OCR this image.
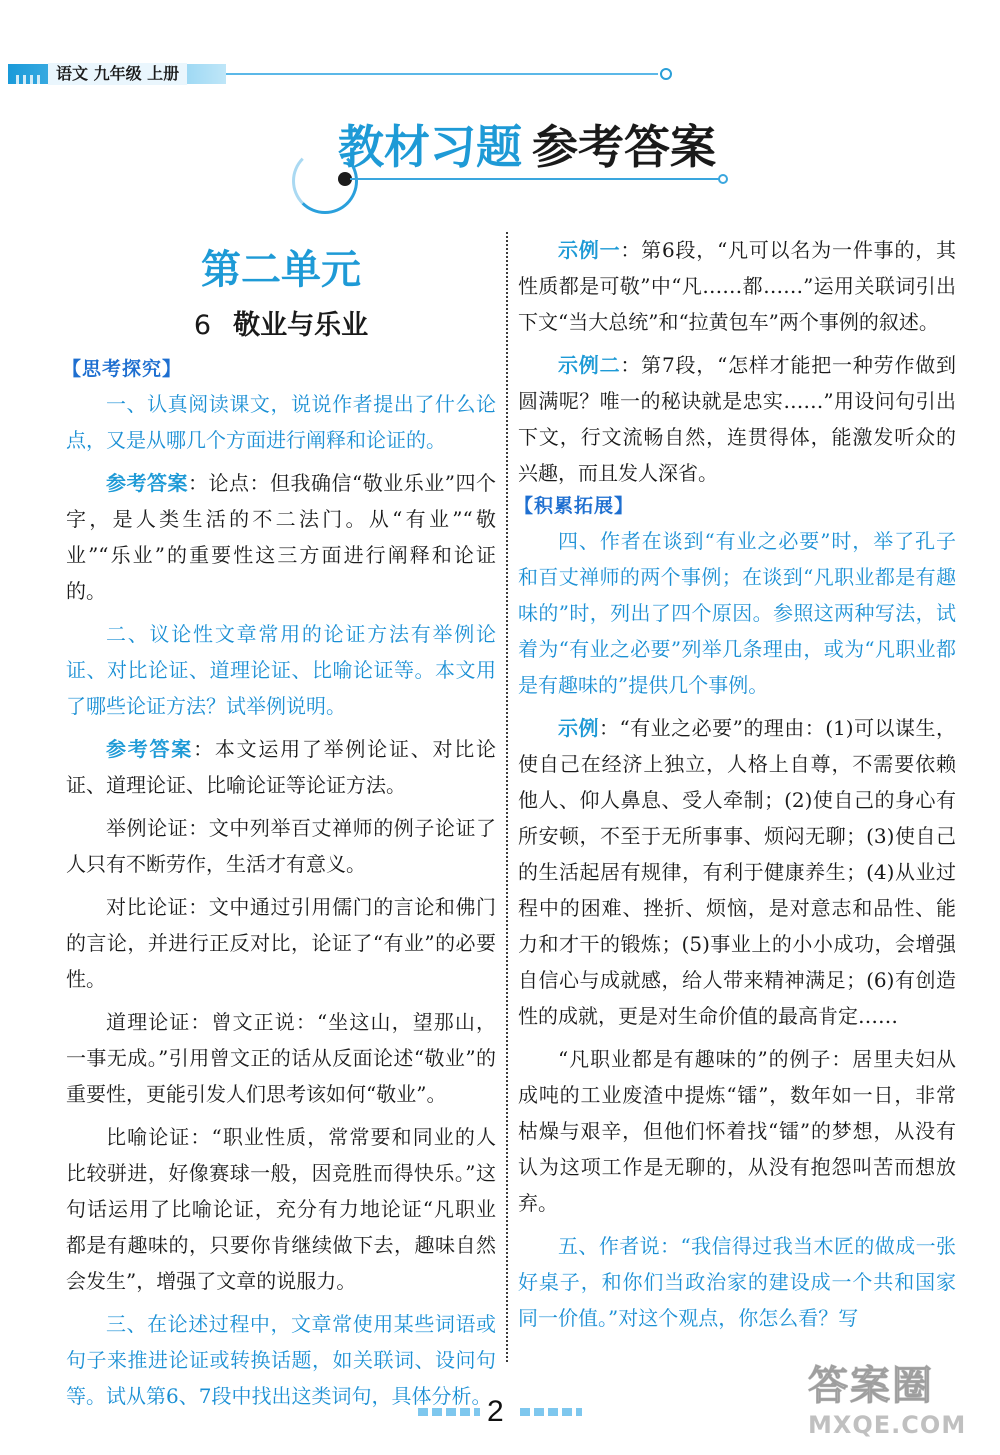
语文 九年级 上册
教材习题 参考答案
第二单元
6 敬业与乐业
【思考探究】

一、认真阅读课文，说说作者提出了什么论点，又是从哪几个方面进行阐释和论证的。

参考答案：论点：但我确信“敬业乐业”四个字，是人类生活的不二法门。从“有业”“敬业”“乐业”的重要性这三方面进行阐释和论证的。

二、议论性文章常用的论证方法有举例论证、对比论证、道理论证、比喻论证等。本文用了哪些论证方法？试举例说明。

参考答案：本文运用了举例论证、对比论证、道理论证、比喻论证等论证方法。

举例论证：文中列举百丈禅师的例子论证了人只有不断劳作，生活才有意义。

对比论证：文中通过引用儒门的言论和佛门的言论，并进行正反对比，论证了“有业”的必要性。

道理论证：曾文正说：“坐这山，望那山，一事无成。”引用曾文正的话从反面论述“敬业”的重要性，更能引发人们思考该如何“敬业”。

比喻论证：“职业性质，常常要和同业的人比较骈进，好像赛球一般，因竞胜而得快乐。”这句话运用了比喻论证，充分有力地论证“凡职业都是有趣味的，只要你肯继续做下去，趣味自然会发生”，增强了文章的说服力。

三、在论述过程中，文章常使用某些词语或句子来推进论证或转换话题，如关联词、设问句等。试从第6、7段中找出这类词句，具体分析。

示例一：第6段，“凡可以名为一件事的，其性质都是可敬”中“凡……都……”运用关联词引出下文“当大总统”和“拉黄包车”两个事例的叙述。

示例二：第7段，“怎样才能把一种劳作做到圆满呢？唯一的秘诀就是忠实……”用设问句引出下文，行文流畅自然，连贯得体，能激发听众的兴趣，而且发人深省。

【积累拓展】

四、作者在谈到“有业之必要”时，举了孔子和百丈禅师的两个事例；在谈到“凡职业都是有趣味的”时，列出了四个原因。参照这两种写法，试着为“有业之必要”列举几条理由，或为“凡职业都是有趣味的”提供几个事例。

示例：“有业之必要”的理由：(1)可以谋生，使自己在经济上独立，人格上自尊，不需要依赖他人、仰人鼻息、受人牵制；(2)使自己的身心有所安顿，不至于无所事事、烦闷无聊；(3)使自己的生活起居有规律，有利于健康养生；(4)从业过程中的困难、挫折、烦恼，是对意志和品性、能力和才干的锻炼；(5)事业上的小小成功，会增强自信心与成就感，给人带来精神满足；(6)有创造性的成就，更是对生命价值的最高肯定……

“凡职业都是有趣味的”的例子：居里夫妇从成吨的工业废渣中提炼“镭”，数年如一日，非常枯燥与艰辛，但他们怀着找“镭”的梦想，从没有认为这项工作是无聊的，从没有抱怨叫苦而想放弃。

五、作者说：“我信得过我当木匠的做成一张好桌子，和你们当政治家的建设成一个共和国家同一价值。”对这个观点，你怎么看？写

2
答案圈
MXQE.COM
